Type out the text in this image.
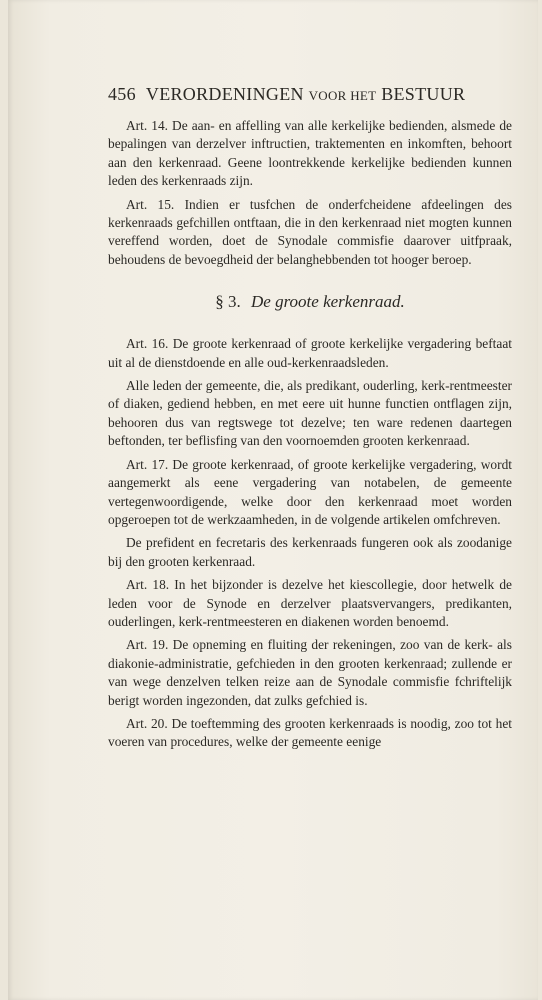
456 VERORDENINGEN
VOOR HET
BESTUUR

Art. 14. De aan- en affelling van alle kerkelijke bedienden, alsmede de bepalingen van derzelver inftructien, traktementen en inkomften, behoort aan den kerkenraad. Geene loontrekkende kerkelijke bedienden kunnen leden des kerkenraads zijn.

Art. 15. Indien er tusfchen de onderfcheidene afdeelingen des kerkenraads gefchillen ontftaan, die in den kerkenraad niet mogten kunnen vereffend worden, doet de Synodale commisfie daarover uitfpraak, behoudens de bevoegdheid der belanghebbenden tot hooger beroep.

§ 3. De groote kerkenraad.

Art. 16. De groote kerkenraad of groote kerkelijke vergadering beftaat uit al de dienstdoende en alle oud-kerkenraadsleden.

Alle leden der gemeente, die, als predikant, ouderling, kerk-rentmeester of diaken, gediend hebben, en met eere uit hunne functien ontflagen zijn, behooren dus van regtswege tot dezelve; ten ware redenen daartegen beftonden, ter beflisfing van den voornoemden grooten kerkenraad.

Art. 17. De groote kerkenraad, of groote kerkelijke vergadering, wordt aangemerkt als eene vergadering van notabelen, de gemeente vertegenwoordigende, welke door den kerkenraad moet worden opgeroepen tot de werkzaamheden, in de volgende artikelen omfchreven.

De prefident en fecretaris des kerkenraads fungeren ook als zoodanige bij den grooten kerkenraad.

Art. 18. In het bijzonder is dezelve het kiescollegie, door hetwelk de leden voor de Synode en derzelver plaatsvervangers, predikanten, ouderlingen, kerk-rentmeesteren en diakenen worden benoemd.

Art. 19. De opneming en fluiting der rekeningen, zoo van de kerk- als diakonie-administratie, gefchieden in den grooten kerkenraad; zullende er van wege denzelven telken reize aan de Synodale commisfie fchriftelijk berigt worden ingezonden, dat zulks gefchied is.

Art. 20. De toeftemming des grooten kerkenraads is noodig, zoo tot het voeren van procedures, welke der gemeente eenige
